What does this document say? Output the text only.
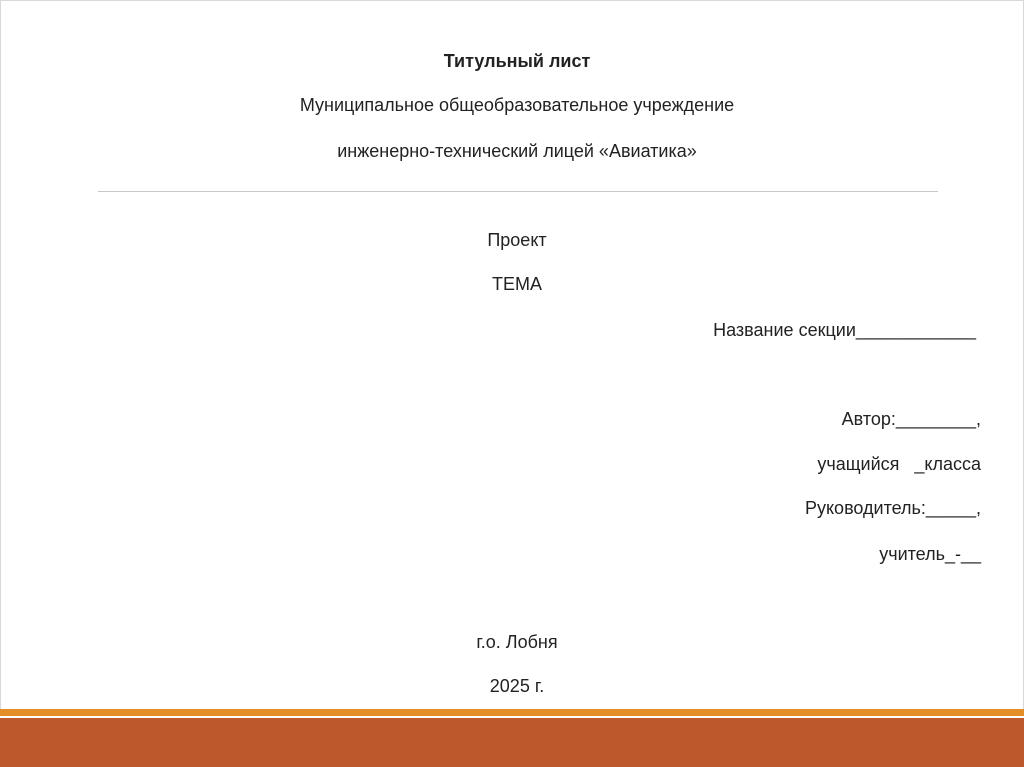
Титульный лист
Муниципальное общеобразовательное учреждение
инженерно-технический лицей «Авиатика»
Проект
ТЕМА
Название секции____________
Автор:________,
учащийся   _класса
Руководитель:_____,
учитель_-__
г.о. Лобня
2025 г.
